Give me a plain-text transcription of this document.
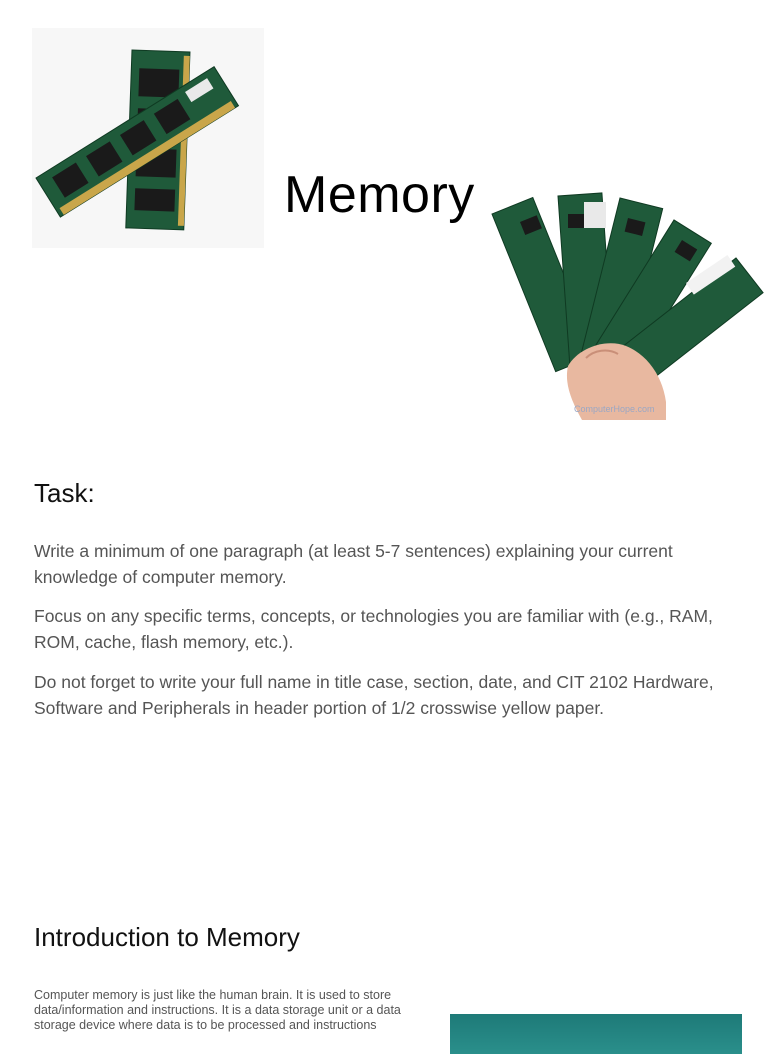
Memory
ComputerHope.com
Task:

Write a minimum of one paragraph (at least 5-7 sentences) explaining your current knowledge of computer memory.

Focus on any specific terms, concepts, or technologies you are familiar with (e.g., RAM, ROM, cache, flash memory, etc.).

Do not forget to write your full name in title case, section, date, and CIT 2102 Hardware, Software and Peripherals in header portion of 1/2 crosswise yellow paper.

Introduction to Memory

Computer memory is just like the human brain. It is used to store data/information and instructions. It is a data storage unit or a data storage device where data is to be processed and instructions
